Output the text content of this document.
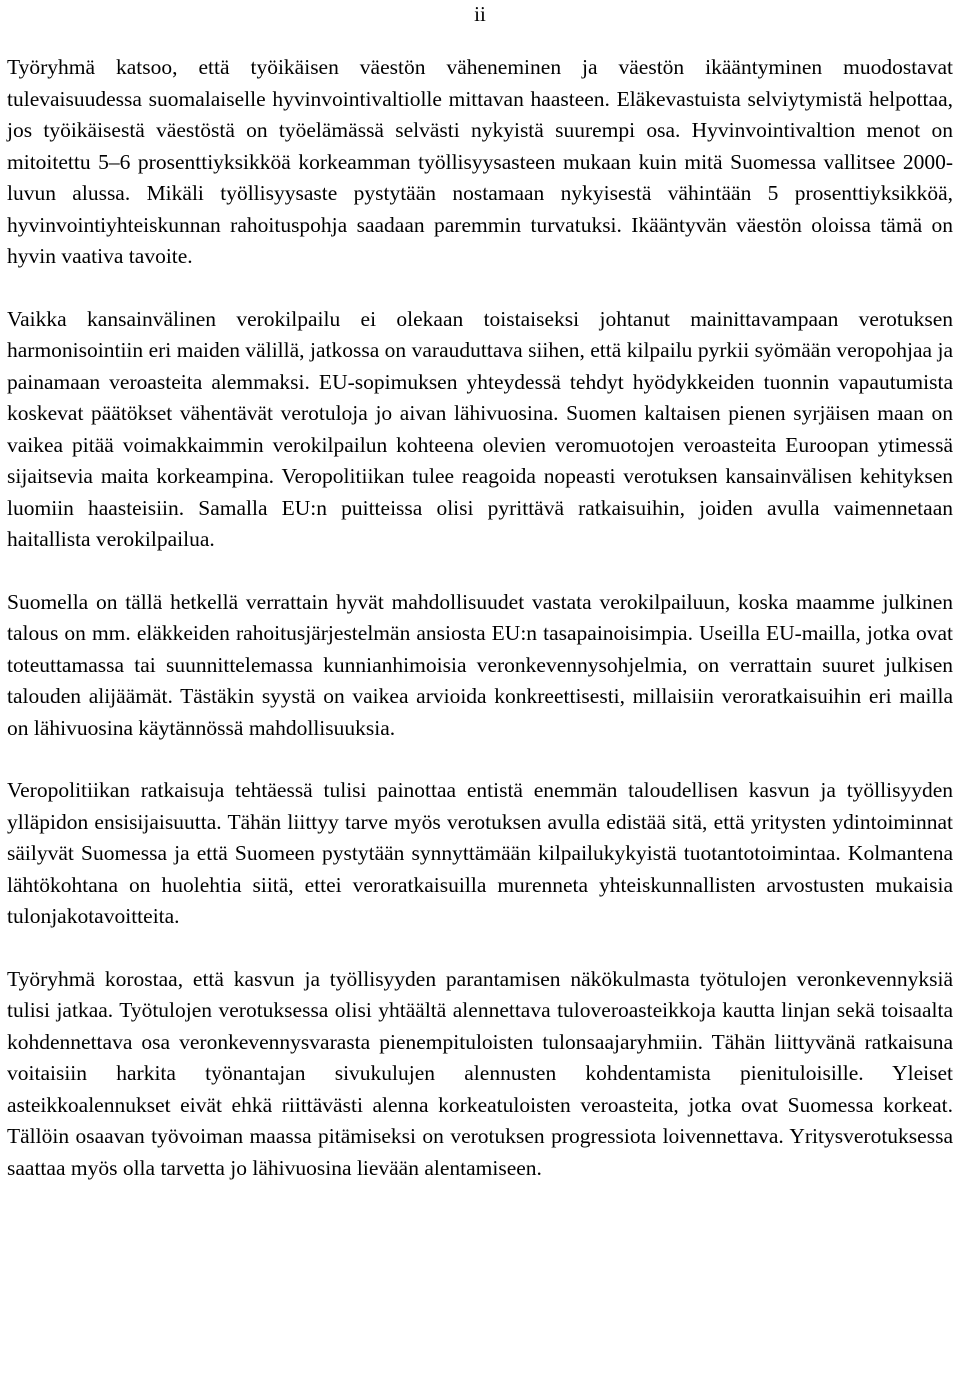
ii

Työryhmä katsoo, että työikäisen väestön väheneminen ja väestön ikääntyminen muodostavat tulevaisuudessa suomalaiselle hyvinvointivaltiolle mittavan haasteen. Eläkevastuista selviytymistä helpottaa, jos työikäisestä väestöstä on työelämässä selvästi nykyistä suurempi osa. Hyvinvointivaltion menot on mitoitettu 5–6 prosenttiyksikköä korkeamman työllisyysasteen mukaan kuin mitä Suomessa vallitsee 2000-luvun alussa. Mikäli työllisyysaste pystytään nostamaan nykyisestä vähintään 5 prosenttiyksikköä, hyvinvointiyhteiskunnan rahoituspohja saadaan paremmin turvatuksi. Ikääntyvän väestön oloissa tämä on hyvin vaativa tavoite.

Vaikka kansainvälinen verokilpailu ei olekaan toistaiseksi johtanut mainittavampaan verotuksen harmonisointiin eri maiden välillä, jatkossa on varauduttava siihen, että kilpailu pyrkii syömään veropohjaa ja painamaan veroasteita alemmaksi. EU-sopimuksen yhteydessä tehdyt hyödykkeiden tuonnin vapautumista koskevat päätökset vähentävät verotuloja jo aivan lähivuosina. Suomen kaltaisen pienen syrjäisen maan on vaikea pitää voimakkaimmin verokilpailun kohteena olevien veromuotojen veroasteita Euroopan ytimessä sijaitsevia maita korkeampina. Veropolitiikan tulee reagoida nopeasti verotuksen kansainvälisen kehityksen luomiin haasteisiin. Samalla EU:n puitteissa olisi pyrittävä ratkaisuihin, joiden avulla vaimennetaan haitallista verokilpailua.

Suomella on tällä hetkellä verrattain hyvät mahdollisuudet vastata verokilpailuun, koska maamme julkinen talous on mm. eläkkeiden rahoitusjärjestelmän ansiosta EU:n tasapainoisimpia. Useilla EU-mailla, jotka ovat toteuttamassa tai suunnittelemassa kunnianhimoisia veronkevennysohjelmia, on verrattain suuret julkisen talouden alijäämät. Tästäkin syystä on vaikea arvioida konkreettisesti, millaisiin veroratkaisuihin eri mailla on lähivuosina käytännössä mahdollisuuksia.

Veropolitiikan ratkaisuja tehtäessä tulisi painottaa entistä enemmän taloudellisen kasvun ja työllisyyden ylläpidon ensisijaisuutta. Tähän liittyy tarve myös verotuksen avulla edistää sitä, että yritysten ydintoiminnat säilyvät Suomessa ja että Suomeen pystytään synnyttämään kilpailukykyistä tuotantotoimintaa. Kolmantena lähtökohtana on huolehtia siitä, ettei veroratkaisuilla murenneta yhteiskunnallisten arvostusten mukaisia tulonjakotavoitteita.

Työryhmä korostaa, että kasvun ja työllisyyden parantamisen näkökulmasta työtulojen veronkevennyksiä tulisi jatkaa. Työtulojen verotuksessa olisi yhtäältä alennettava tuloveroasteikkoja kautta linjan sekä toisaalta kohdennettava osa veronkevennysvarasta pienempituloisten tulonsaajaryhmiin. Tähän liittyvänä ratkaisuna voitaisiin harkita työnantajan sivukulujen alennusten kohdentamista pienituloisille. Yleiset asteikkoalennukset eivät ehkä riittävästi alenna korkeatuloisten veroasteita, jotka ovat Suomessa korkeat. Tällöin osaavan työvoiman maassa pitämiseksi on verotuksen progressiota loivennettava. Yritysverotuksessa saattaa myös olla tarvetta jo lähivuosina lievään alentamiseen.
